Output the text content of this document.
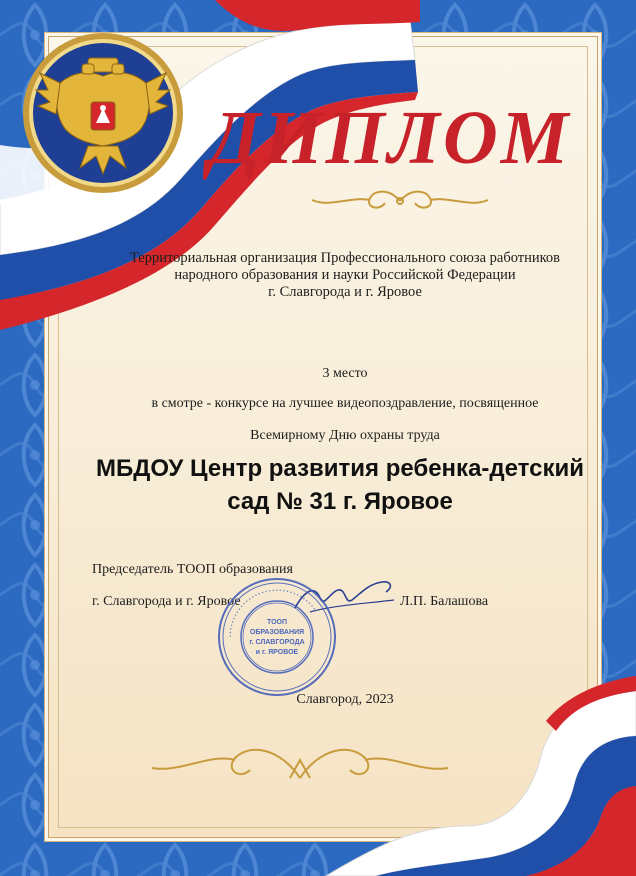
ДИПЛОМ
Территориальная организация Профессионального союза работников
народного образования и науки Российской Федерации
г. Славгорода и г. Яровое
3 место
в смотре - конкурсе на лучшее видеопоздравление, посвященное
Всемирному Дню охраны труда
МБДОУ Центр развития ребенка-детский
сад № 31 г. Яровое
Председатель ТООП образования
г. Славгорода и г. Яровое	Л.П. Балашова
• • • • • • • • • • • • • • • • • • • • • • • • • • • • • • • • •
ТООП
ОБРАЗОВАНИЯ
г. СЛАВГОРОДА
и г. ЯРОВОЕ
Славгород, 2023
